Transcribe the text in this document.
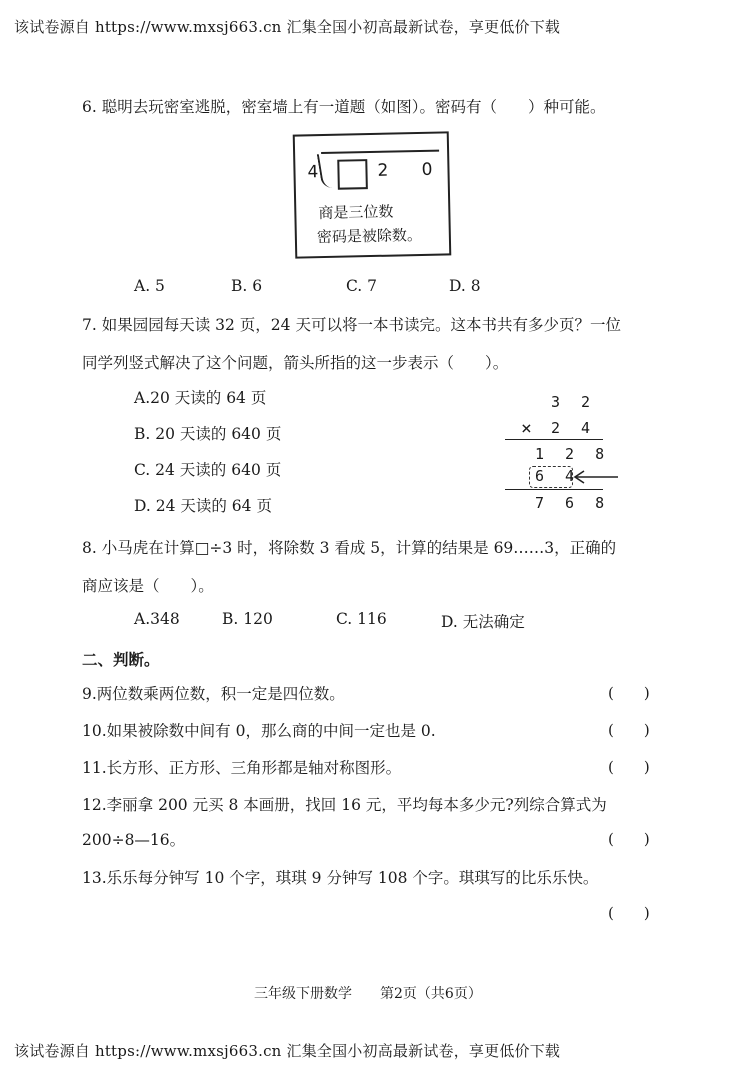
该试卷源自 https://www.mxsj663.cn 汇集全国小初高最新试卷，享更低价下载
6. 聪明去玩密室逃脱，密室墙上有一道题（如图）。密码有（　　）种可能。
4	2 0
商是三位数
密码是被除数。
A. 5	B. 6	C. 7	D. 8
7. 如果园园每天读 32 页，24 天可以将一本书读完。这本书共有多少页？一位
同学列竖式解决了这个问题，箭头所指的这一步表示（　　）。
A.20 天读的 64 页
B. 20 天读的 640 页
C. 24 天读的 640 页
D. 24 天读的 64 页
3 2
× 2 4
1 2 8
6 4
7 6 8
8. 小马虎在计算□÷3 时，将除数 3 看成 5，计算的结果是 69……3，正确的
商应该是（　　）。
A.348	B. 120	C. 116	D. 无法确定
二、判断。
9.两位数乘两位数，积一定是四位数。	(　　)
10.如果被除数中间有 0，那么商的中间一定也是 0.	(　　)
11.长方形、正方形、三角形都是轴对称图形。	(　　)
12.李丽拿 200 元买 8 本画册，找回 16 元，平均每本多少元?列综合算式为
200÷8—16。	(　　)
13.乐乐每分钟写 10 个字，琪琪 9 分钟写 108 个字。琪琪写的比乐乐快。
(　　)
三年级下册数学　　第2页（共6页）
该试卷源自 https://www.mxsj663.cn 汇集全国小初高最新试卷，享更低价下载
